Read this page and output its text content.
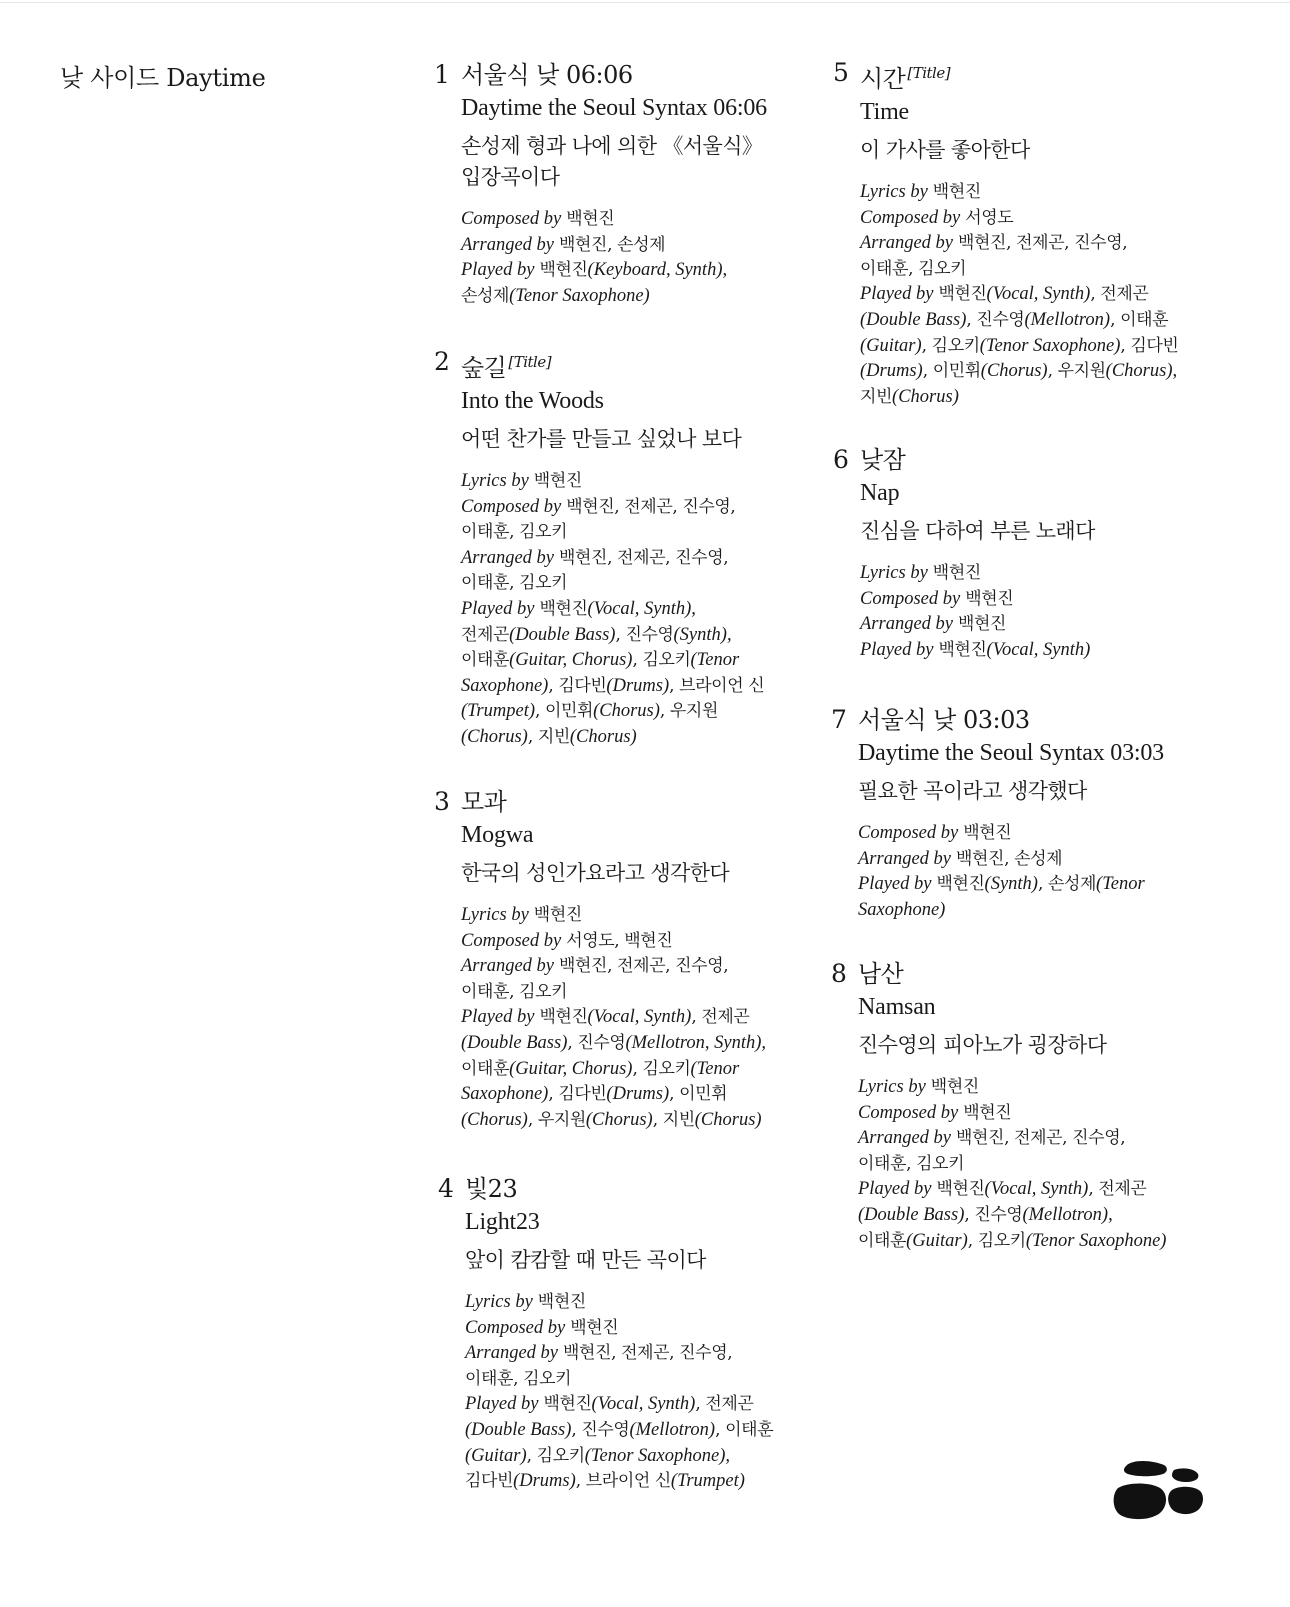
낮 사이드 Daytime	1 서울식 낮 06:06
Daytime the Seoul Syntax 06:06
손성제 형과 나에 의한 《서울식》
입장곡이다
Composed by 백현진
Arranged by 백현진, 손성제
Played by 백현진(Keyboard, Synth),
손성제(Tenor Saxophone)
2 숲길 [Title]
Into the Woods
어떤 찬가를 만들고 싶었나 보다
Lyrics by 백현진
Composed by 백현진, 전제곤, 진수영,
이태훈, 김오키
Arranged by 백현진, 전제곤, 진수영,
이태훈, 김오키
Played by 백현진(Vocal, Synth),
전제곤(Double Bass), 진수영(Synth),
이태훈(Guitar, Chorus), 김오키(Tenor
Saxophone), 김다빈(Drums), 브라이언 신
(Trumpet), 이민휘(Chorus), 우지원
(Chorus), 지빈(Chorus)
3 모과
Mogwa
한국의 성인가요라고 생각한다
Lyrics by 백현진
Composed by 서영도, 백현진
Arranged by 백현진, 전제곤, 진수영,
이태훈, 김오키
Played by 백현진(Vocal, Synth), 전제곤
(Double Bass), 진수영(Mellotron, Synth),
이태훈(Guitar, Chorus), 김오키(Tenor
Saxophone), 김다빈(Drums), 이민휘
(Chorus), 우지원(Chorus), 지빈(Chorus)
4 빛23
Light23
앞이 캄캄할 때 만든 곡이다
Lyrics by 백현진
Composed by 백현진
Arranged by 백현진, 전제곤, 진수영,
이태훈, 김오키
Played by 백현진(Vocal, Synth), 전제곤
(Double Bass), 진수영(Mellotron), 이태훈
(Guitar), 김오키(Tenor Saxophone),
김다빈(Drums), 브라이언 신(Trumpet)
5 시간 [Title]
Time
이 가사를 좋아한다
Lyrics by 백현진
Composed by 서영도
Arranged by 백현진, 전제곤, 진수영,
이태훈, 김오키
Played by 백현진(Vocal, Synth), 전제곤
(Double Bass), 진수영(Mellotron), 이태훈
(Guitar), 김오키(Tenor Saxophone), 김다빈
(Drums), 이민휘(Chorus), 우지원(Chorus),
지빈(Chorus)
6 낮잠
Nap
진심을 다하여 부른 노래다
Lyrics by 백현진
Composed by 백현진
Arranged by 백현진
Played by 백현진(Vocal, Synth)
7 서울식 낮 03:03
Daytime the Seoul Syntax 03:03
필요한 곡이라고 생각했다
Composed by 백현진
Arranged by 백현진, 손성제
Played by 백현진(Synth), 손성제(Tenor
Saxophone)
8 남산
Namsan
진수영의 피아노가 굉장하다
Lyrics by 백현진
Composed by 백현진
Arranged by 백현진, 전제곤, 진수영,
이태훈, 김오키
Played by 백현진(Vocal, Synth), 전제곤
(Double Bass), 진수영(Mellotron),
이태훈(Guitar), 김오키(Tenor Saxophone)
